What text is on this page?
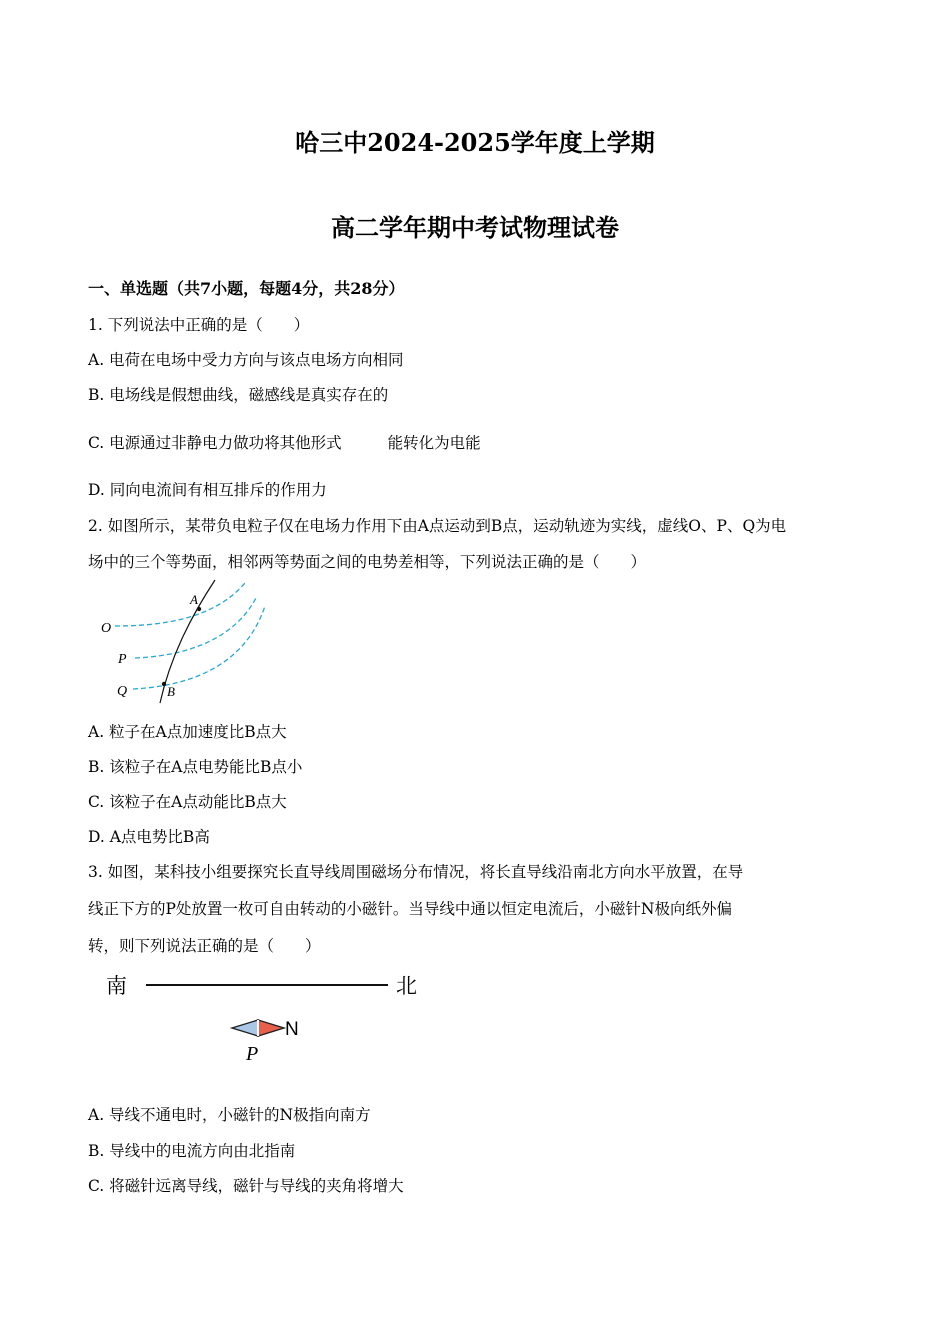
哈三中2024-2025学年度上学期
高二学年期中考试物理试卷
一、单选题（共7小题，每题4分，共28分）
1. 下列说法中正确的是（　　）
A. 电荷在电场中受力方向与该点电场方向相同
B. 电场线是假想曲线，磁感线是真实存在的
C. 电源通过非静电力做功将其他形式	能转化为电能
D. 同向电流间有相互排斥的作用力
2. 如图所示，某带负电粒子仅在电场力作用下由A点运动到B点，运动轨迹为实线，虚线O、P、Q为电
场中的三个等势面，相邻两等势面之间的电势差相等，下列说法正确的是（　　）
O
P
Q
A
B
A. 粒子在A点加速度比B点大
B. 该粒子在A点电势能比B点小
C. 该粒子在A点动能比B点大
D. A点电势比B高
3. 如图，某科技小组要探究长直导线周围磁场分布情况，将长直导线沿南北方向水平放置，在导
线正下方的P处放置一枚可自由转动的小磁针。当导线中通以恒定电流后，小磁针N极向纸外偏
转，则下列说法正确的是（　　）
南	北
N
P
A. 导线不通电时，小磁针的N极指向南方
B. 导线中的电流方向由北指南
C. 将磁针远离导线，磁针与导线的夹角将增大
